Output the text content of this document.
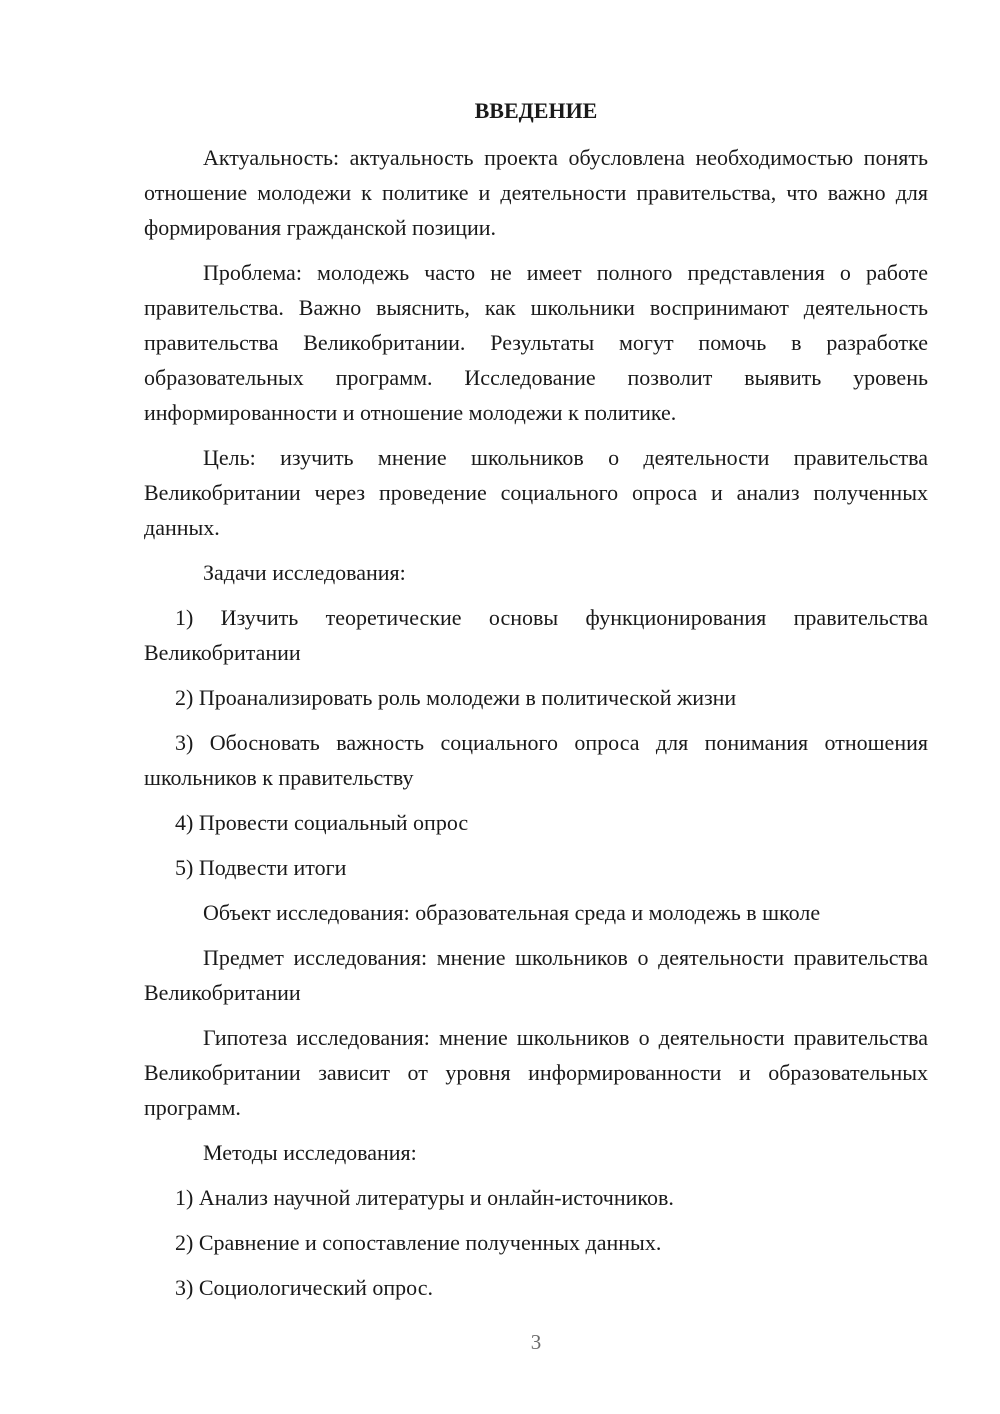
ВВЕДЕНИЕ

Актуальность: актуальность проекта обусловлена необходимостью понять отношение молодежи к политике и деятельности правительства, что важно для формирования гражданской позиции.

Проблема: молодежь часто не имеет полного представления о работе правительства. Важно выяснить, как школьники воспринимают деятельность правительства Великобритании. Результаты могут помочь в разработке образовательных программ. Исследование позволит выявить уровень информированности и отношение молодежи к политике.

Цель: изучить мнение школьников о деятельности правительства Великобритании через проведение социального опроса и анализ полученных данных.

Задачи исследования:

1) Изучить теоретические основы функционирования правительства Великобритании

2) Проанализировать роль молодежи в политической жизни

3) Обосновать важность социального опроса для понимания отношения школьников к правительству

4) Провести социальный опрос

5) Подвести итоги

Объект исследования: образовательная среда и молодежь в школе

Предмет исследования: мнение школьников о деятельности правительства Великобритании

Гипотеза исследования: мнение школьников о деятельности правительства Великобритании зависит от уровня информированности и образовательных программ.

Методы исследования:

1) Анализ научной литературы и онлайн-источников.

2) Сравнение и сопоставление полученных данных.

3) Социологический опрос.

3
